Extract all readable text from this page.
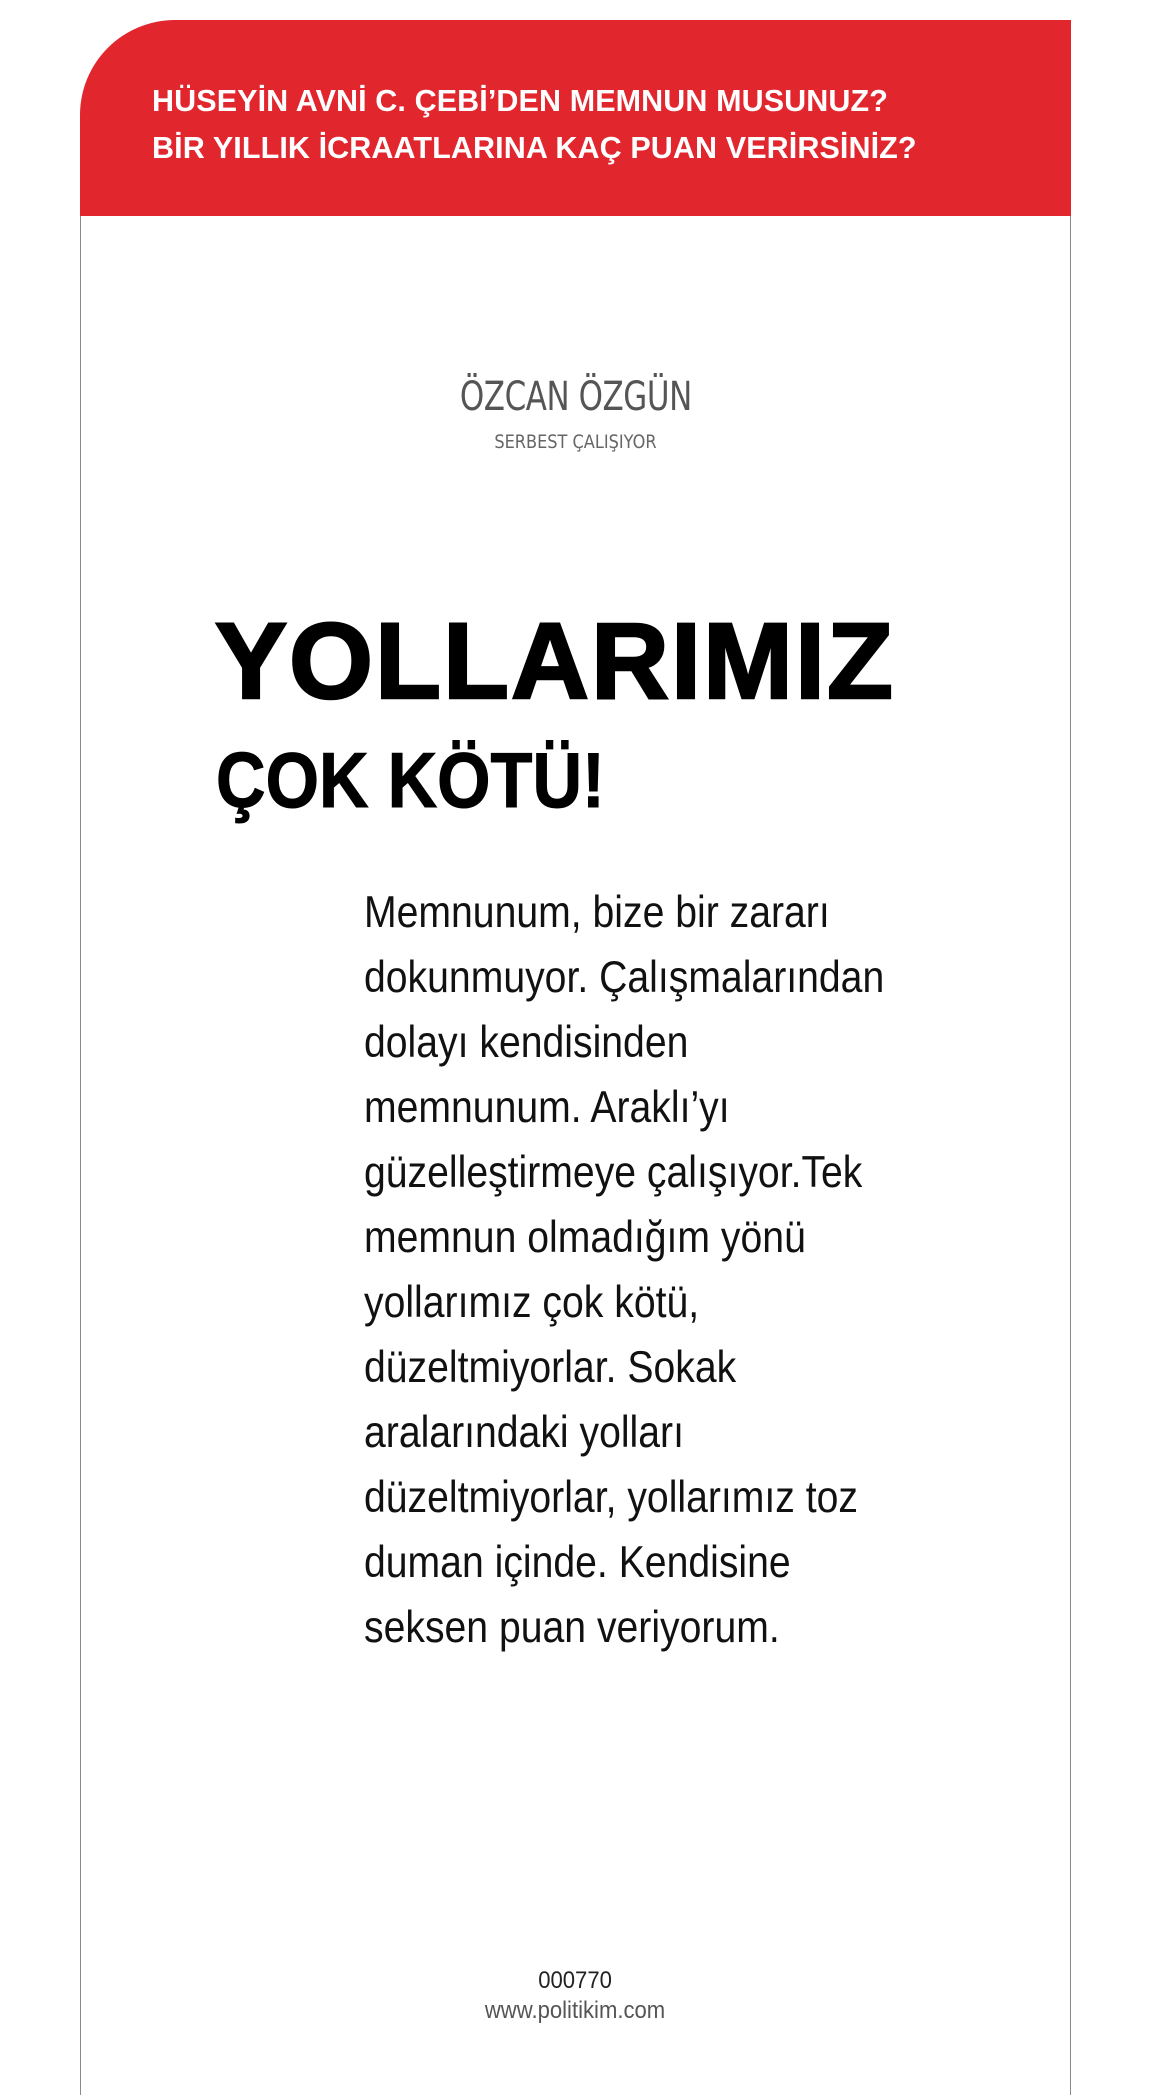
HÜSEYİN AVNİ C. ÇEBİ’DEN MEMNUN MUSUNUZ?
BİR YILLIK İCRAATLARINA KAÇ PUAN VERİRSİNİZ?
ÖZCAN ÖZGÜN
SERBEST ÇALIŞIYOR
YOLLARIMIZ
ÇOK KÖTÜ!
Memnunum, bize bir zararı
dokunmuyor. Çalışmalarından
dolayı kendisinden
memnunum. Araklı’yı
güzelleştirmeye çalışıyor.Tek
memnun olmadığım yönü
yollarımız çok kötü,
düzeltmiyorlar. Sokak
aralarındaki yolları
düzeltmiyorlar, yollarımız toz
duman içinde. Kendisine
seksen puan veriyorum.
000770
www.politikim.com
